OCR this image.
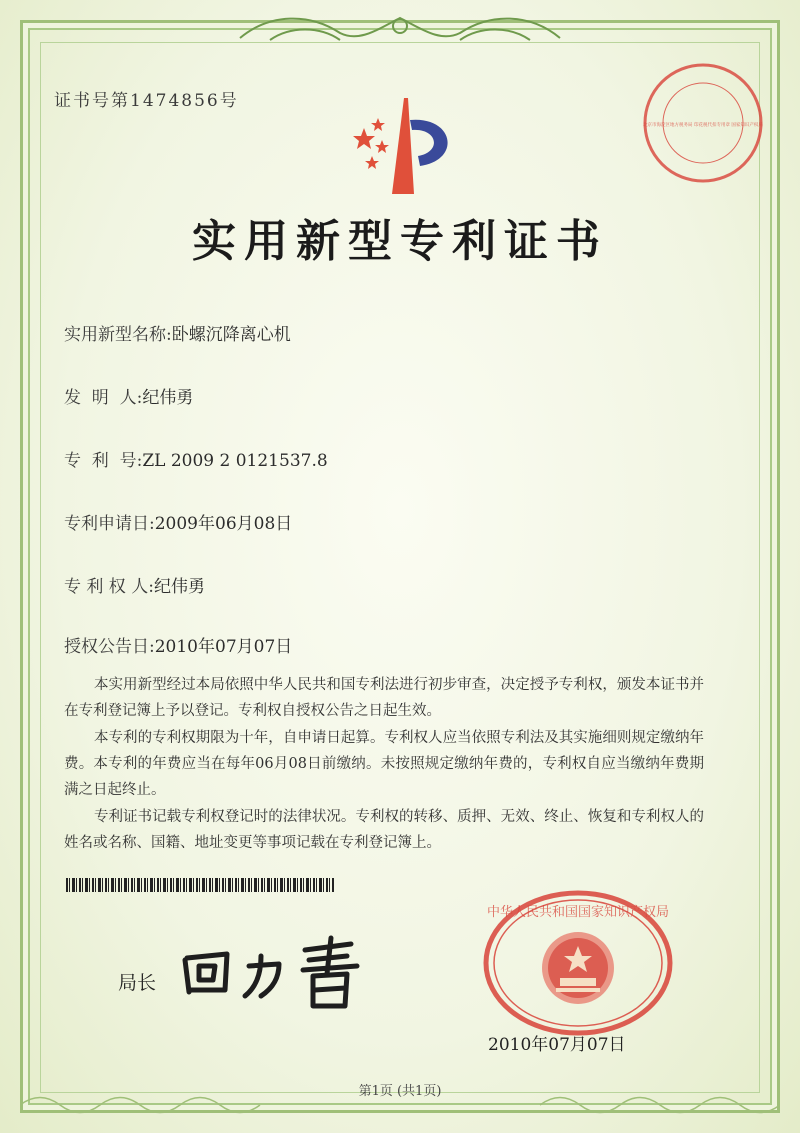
证书号第1474856号
实用新型专利证书
实用新型名称:卧螺沉降离心机
发  明  人:纪伟勇
专  利  号:ZL 2009 2 0121537.8
专利申请日:2009年06月08日
专 利 权 人:纪伟勇
授权公告日:2010年07月07日

本实用新型经过本局依照中华人民共和国专利法进行初步审查，决定授予专利权，颁发本证书并在专利登记簿上予以登记。专利权自授权公告之日起生效。

本专利的专利权期限为十年，自申请日起算。专利权人应当依照专利法及其实施细则规定缴纳年费。本专利的年费应当在每年06月08日前缴纳。未按照规定缴纳年费的，专利权自应当缴纳年费期满之日起终止。

专利证书记载专利权登记时的法律状况。专利权的转移、质押、无效、终止、恢复和专利权人的姓名或名称、国籍、地址变更等事项记载在专利登记簿上。

局长
中华人民共和国国家知识产权局
2010年07月07日
北京市海淀区地方税务局 印花税代扣专用章 国家知识产权局
第1页 (共1页)
